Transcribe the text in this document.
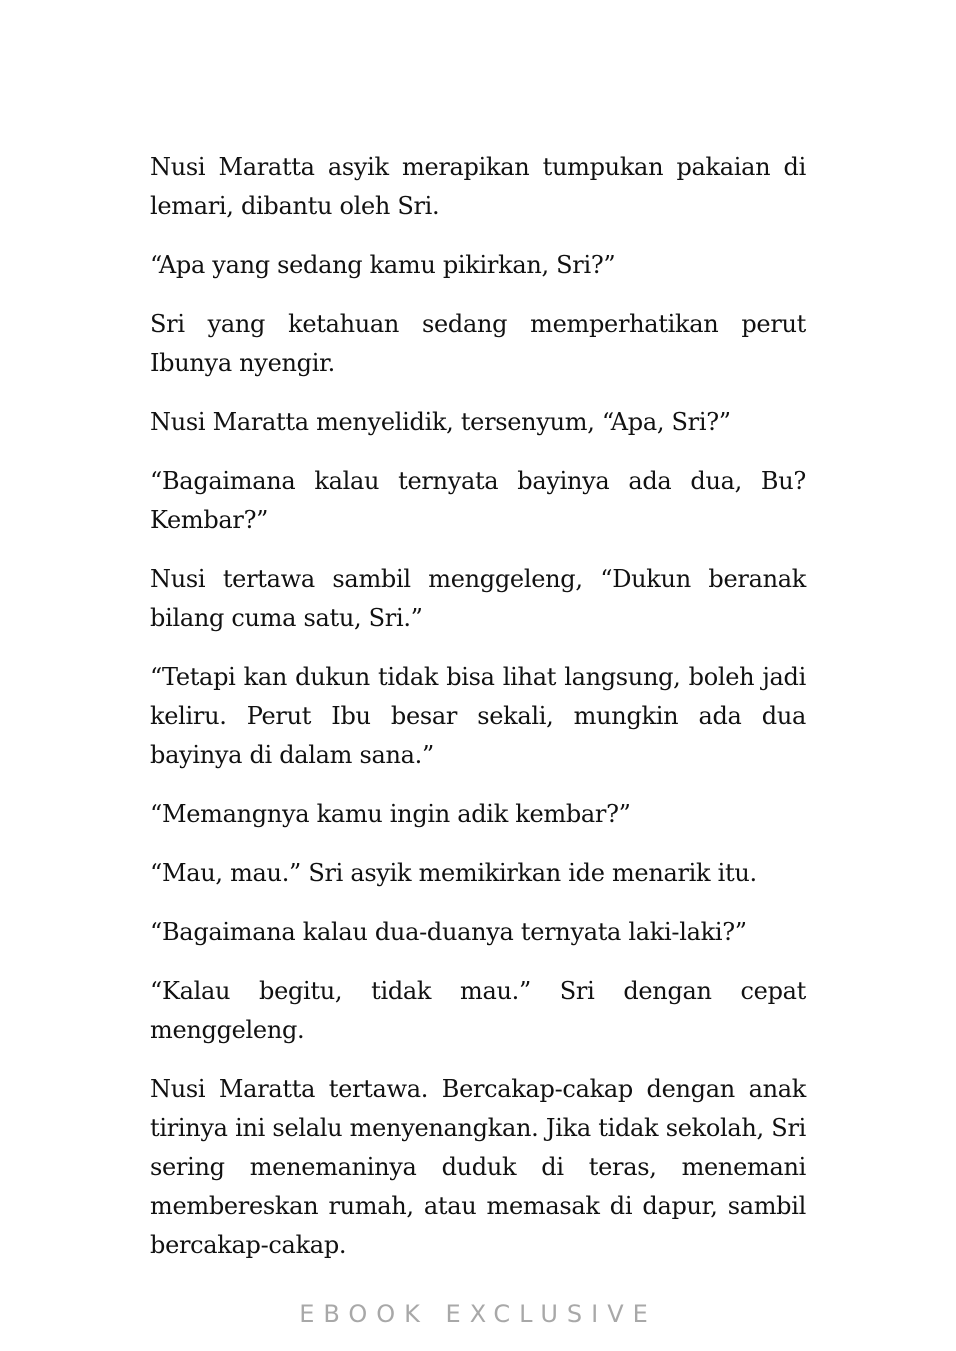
Nusi Maratta asyik merapikan tumpukan pakaian di lemari, dibantu oleh Sri.

“Apa yang sedang kamu pikirkan, Sri?”

Sri yang ketahuan sedang memperhatikan perut Ibunya nyengir.

Nusi Maratta menyelidik, tersenyum, “Apa, Sri?”

“Bagaimana kalau ternyata bayinya ada dua, Bu? Kembar?”

Nusi tertawa sambil menggeleng, “Dukun beranak bilang cuma satu, Sri.”

“Tetapi kan dukun tidak bisa lihat langsung, boleh jadi keliru. Perut Ibu besar sekali, mungkin ada dua bayinya di dalam sana.”

“Memangnya kamu ingin adik kembar?”

“Mau, mau.” Sri asyik memikirkan ide menarik itu.

“Bagaimana kalau dua-duanya ternyata laki-laki?”

“Kalau begitu, tidak mau.” Sri dengan cepat menggeleng.

Nusi Maratta tertawa. Bercakap-cakap dengan anak tirinya ini selalu menyenangkan. Jika tidak sekolah, Sri sering menemaninya duduk di teras, menemani membereskan rumah, atau memasak di dapur, sambil bercakap-cakap.

EBOOK EXCLUSIVE
